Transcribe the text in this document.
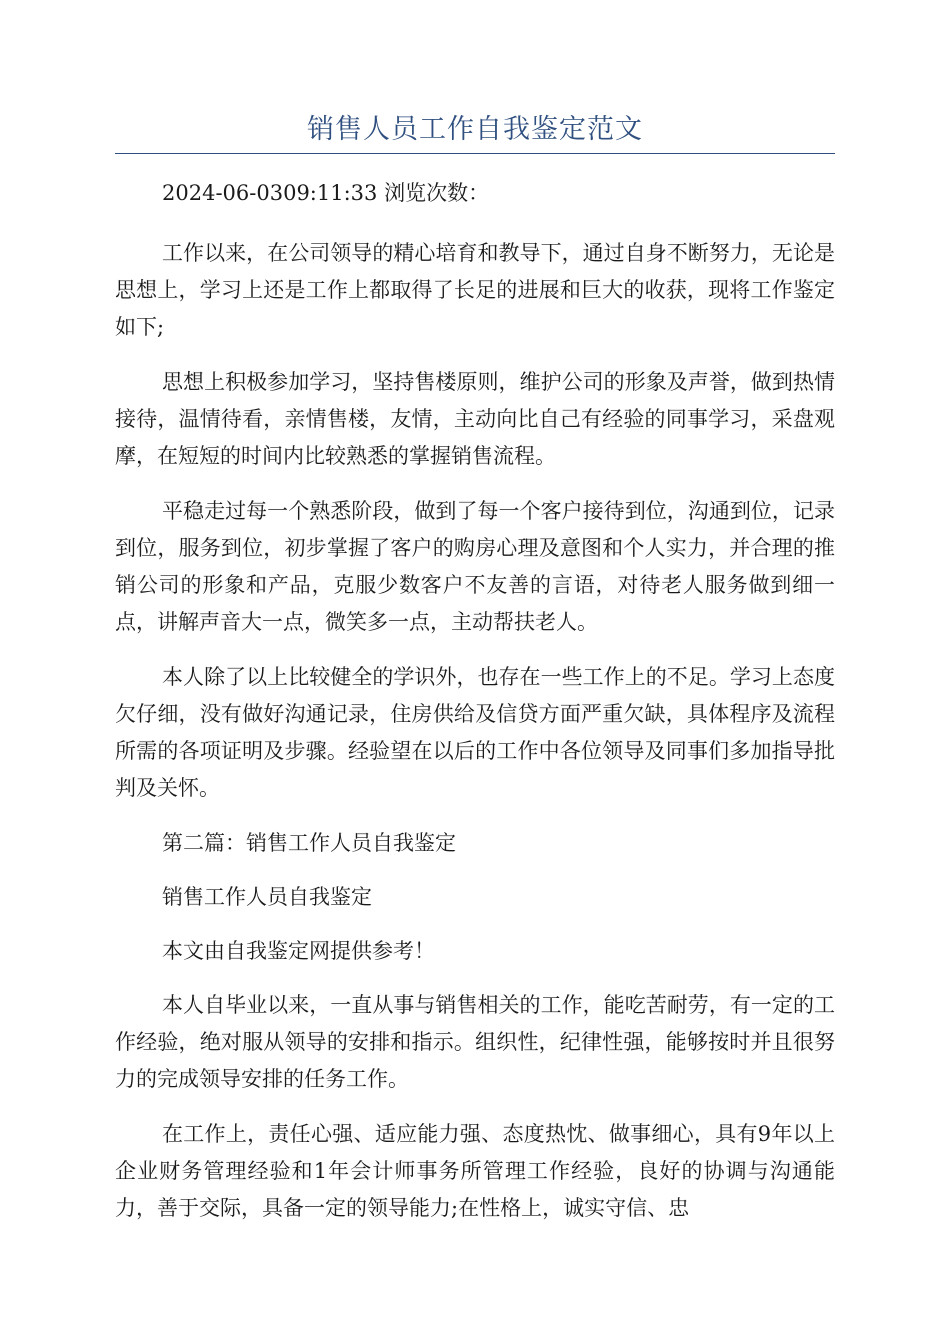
销售人员工作自我鉴定范文

2024-06-0309:11:33 浏览次数：

工作以来，在公司领导的精心培育和教导下，通过自身不断努力，无论是思想上，学习上还是工作上都取得了长足的进展和巨大的收获，现将工作鉴定如下;

思想上积极参加学习，坚持售楼原则，维护公司的形象及声誉，做到热情接待，温情待看，亲情售楼，友情，主动向比自己有经验的同事学习，采盘观摩，在短短的时间内比较熟悉的掌握销售流程。

平稳走过每一个熟悉阶段，做到了每一个客户接待到位，沟通到位，记录到位，服务到位，初步掌握了客户的购房心理及意图和个人实力，并合理的推销公司的形象和产品，克服少数客户不友善的言语，对待老人服务做到细一点，讲解声音大一点，微笑多一点，主动帮扶老人。

本人除了以上比较健全的学识外，也存在一些工作上的不足。学习上态度欠仔细，没有做好沟通记录，住房供给及信贷方面严重欠缺，具体程序及流程所需的各项证明及步骤。经验望在以后的工作中各位领导及同事们多加指导批判及关怀。

第二篇：销售工作人员自我鉴定

销售工作人员自我鉴定

本文由自我鉴定网提供参考！

本人自毕业以来，一直从事与销售相关的工作，能吃苦耐劳，有一定的工作经验，绝对服从领导的安排和指示。组织性，纪律性强，能够按时并且很努力的完成领导安排的任务工作。

在工作上，责任心强、适应能力强、态度热忱、做事细心，具有9年以上企业财务管理经验和1年会计师事务所管理工作经验，良好的协调与沟通能力，善于交际，具备一定的领导能力;在性格上，诚实守信、忠
